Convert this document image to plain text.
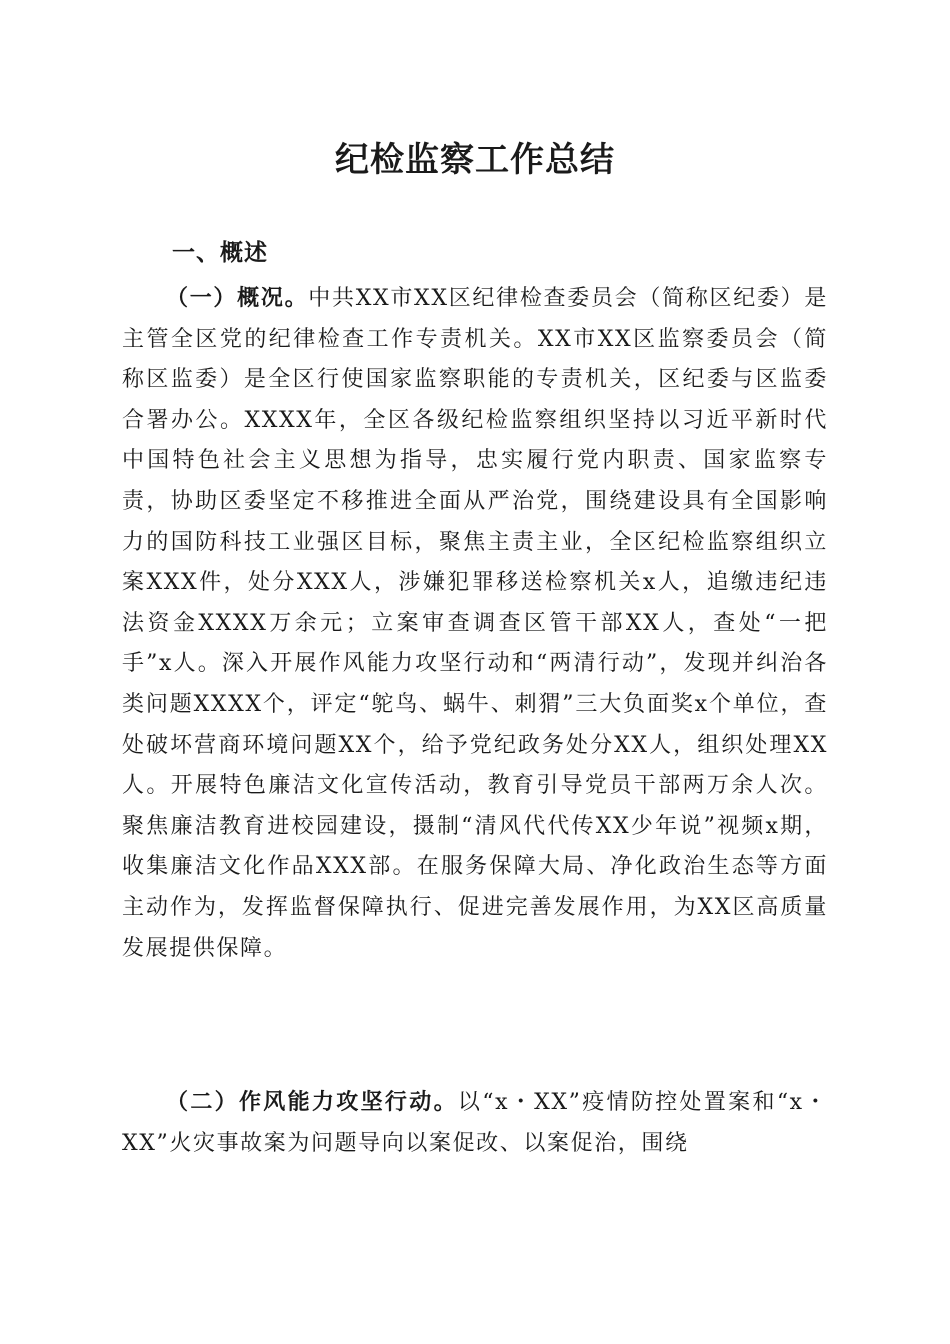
纪检监察工作总结
一、概述

（一）概况。中共XX市XX区纪律检查委员会（简称区纪委）是主管全区党的纪律检查工作专责机关。XX市XX区监察委员会（简称区监委）是全区行使国家监察职能的专责机关，区纪委与区监委合署办公。XXXX年，全区各级纪检监察组织坚持以习近平新时代中国特色社会主义思想为指导，忠实履行党内职责、国家监察专责，协助区委坚定不移推进全面从严治党，围绕建设具有全国影响力的国防科技工业强区目标，聚焦主责主业，全区纪检监察组织立案XXX件，处分XXX人，涉嫌犯罪移送检察机关x人，追缴违纪违法资金XXXX万余元；立案审查调查区管干部XX人，查处“一把手”x人。深入开展作风能力攻坚行动和“两清行动”，发现并纠治各类问题XXXX个，评定“鸵鸟、蜗牛、刺猬”三大负面奖x个单位，查处破坏营商环境问题XX个，给予党纪政务处分XX人，组织处理XX人。开展特色廉洁文化宣传活动，教育引导党员干部两万余人次。聚焦廉洁教育进校园建设，摄制“清风代代传XX少年说”视频x期，收集廉洁文化作品XXX部。在服务保障大局、净化政治生态等方面主动作为，发挥监督保障执行、促进完善发展作用，为XX区高质量发展提供保障。

（二）作风能力攻坚行动。以“x・XX”疫情防控处置案和“x・XX”火灾事故案为问题导向以案促改、以案促治，围绕
